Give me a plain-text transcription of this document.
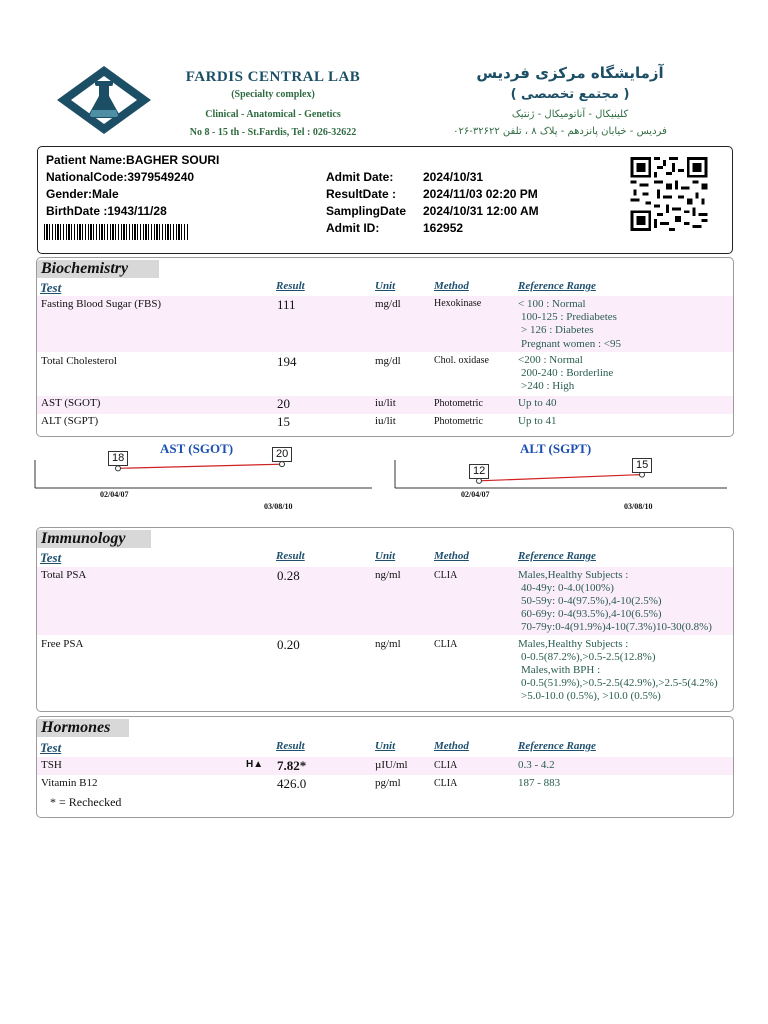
FARDIS CENTRAL LAB
(Specialty complex)
Clinical - Anatomical - Genetics
No 8 - 15 th - St.Fardis, Tel : 026-32622
آزمایشگاه مرکزی فردیس
( مجتمع تخصصی )
کلینیکال - آناتومیکال - ژنتیک
فردیس - خیابان پانزدهم - پلاک ۸ ، تلفن ۳۲۶۲۲-۰۲۶
Patient Name:BAGHER SOURI
NationalCode:3979549240
Gender:Male
BirthDate :1943/11/28
Admit Date: 2024/10/31
ResultDate : 2024/11/03 02:20 PM
SamplingDate 2024/10/31 12:00 AM
Admit ID:	162952
Biochemistry
Test	Result	Unit	Method	Reference Range
Fasting Blood Sugar (FBS)	111	mg/dl	Hexokinase	< 100 : Normal
100-125 : Prediabetes
> 126 : Diabetes
Pregnant women : <95
Total Cholesterol	194	mg/dl	Chol. oxidase	<200 : Normal
200-240 : Borderline
>240 : High
AST (SGOT)	20	iu/lit	Photometric	Up to 40
ALT (SGPT)	15	iu/lit	Photometric	Up to 41
AST (SGOT)	ALT (SGPT)
Immunology
Test	Result	Unit	Method	Reference Range
Total PSA	0.28	ng/ml	CLIA	Males,Healthy Subjects :
40-49y: 0-4.0(100%)
50-59y: 0-4(97.5%),4-10(2.5%)
60-69y: 0-4(93.5%),4-10(6.5%)
70-79y:0-4(91.9%)4-10(7.3%)10-30(0.8%)
Free PSA	0.20	ng/ml	CLIA	Males,Healthy Subjects :
0-0.5(87.2%),>0.5-2.5(12.8%)
Males,with BPH :
0-0.5(51.9%),>0.5-2.5(42.9%),>2.5-5(4.2%)
>5.0-10.0 (0.5%), >10.0 (0.5%)
Hormones
Test	Result	Unit	Method	Reference Range
TSH	H▲ 7.82*	µIU/ml	CLIA	0.3 - 4.2
Vitamin B12	426.0	pg/ml	CLIA	187 - 883
* = Rechecked
18
02/04/07
20
03/08/10
12
02/04/07
15
03/08/10
